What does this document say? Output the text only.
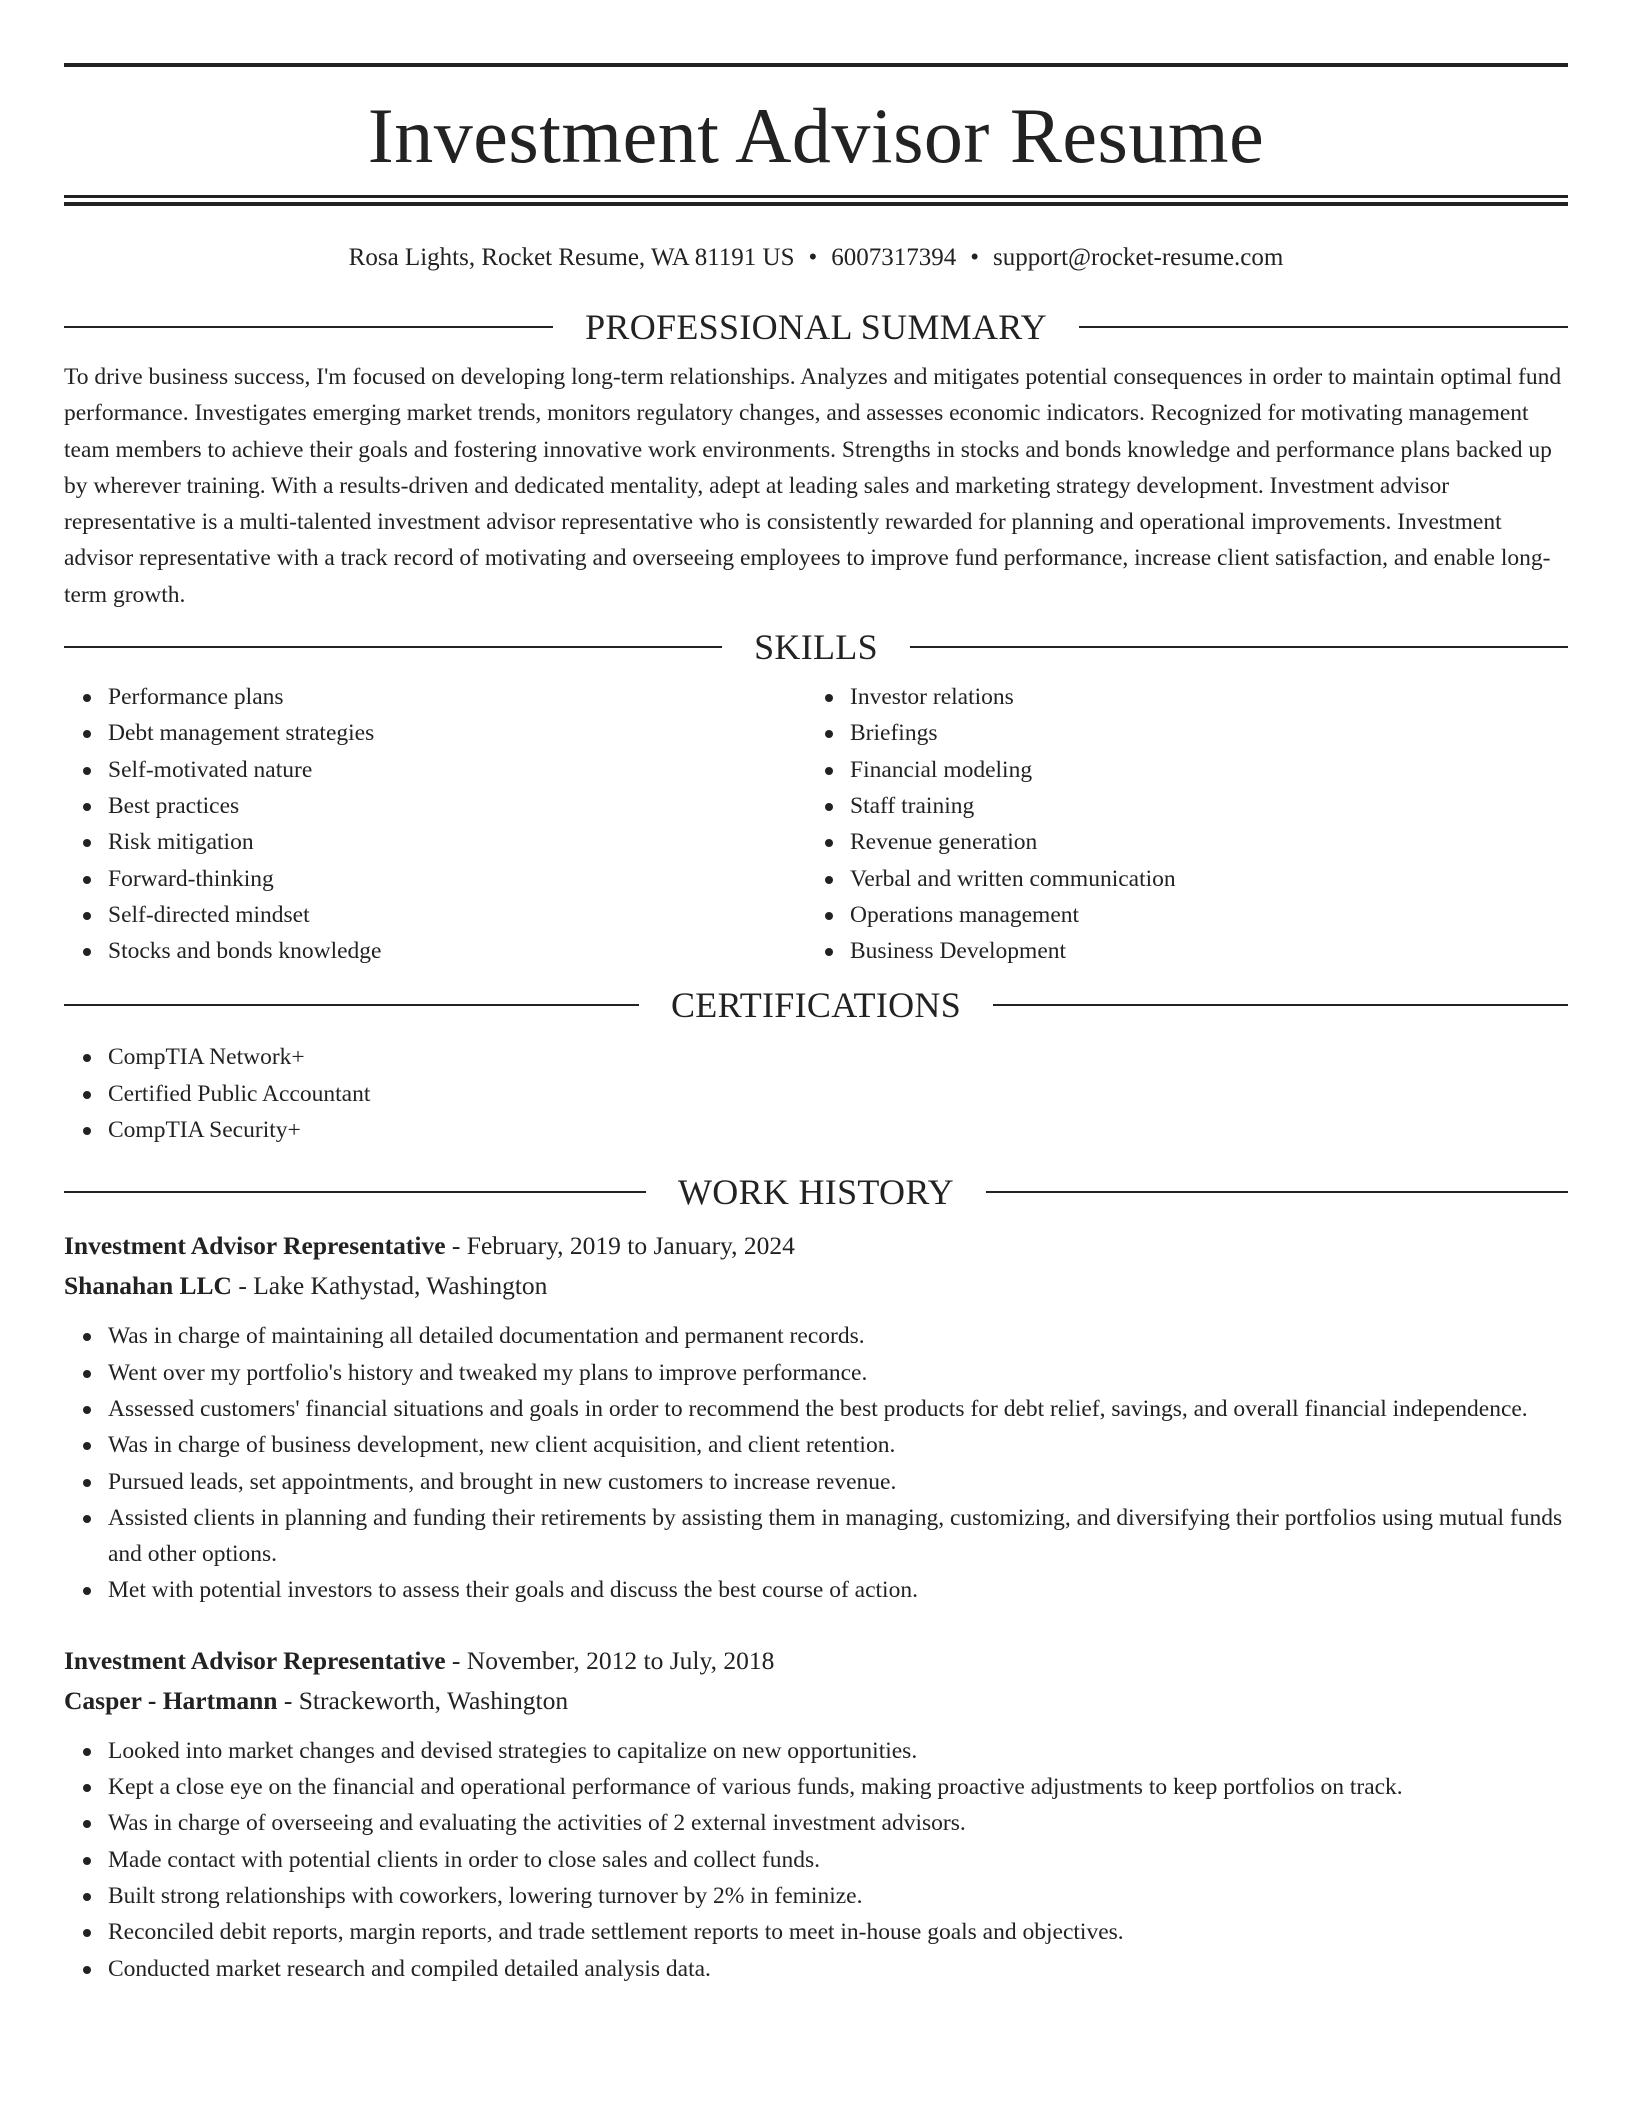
Investment Advisor Resume
Rosa Lights, Rocket Resume, WA 81191 US • 6007317394 • support@rocket-resume.com
PROFESSIONAL SUMMARY

To drive business success, I'm focused on developing long-term relationships. Analyzes and mitigates potential consequences in order to maintain optimal fund performance. Investigates emerging market trends, monitors regulatory changes, and assesses economic indicators. Recognized for motivating management team members to achieve their goals and fostering innovative work environments. Strengths in stocks and bonds knowledge and performance plans backed up by wherever training. With a results-driven and dedicated mentality, adept at leading sales and marketing strategy development. Investment advisor representative is a multi-talented investment advisor representative who is consistently rewarded for planning and operational improvements. Investment advisor representative with a track record of motivating and overseeing employees to improve fund performance, increase client satisfaction, and enable long-term growth.

SKILLS
Performance plans
Debt management strategies
Self-motivated nature
Best practices
Risk mitigation
Forward-thinking
Self-directed mindset
Stocks and bonds knowledge
Investor relations
Briefings
Financial modeling
Staff training
Revenue generation
Verbal and written communication
Operations management
Business Development
CERTIFICATIONS
CompTIA Network+
Certified Public Accountant
CompTIA Security+
WORK HISTORY
Investment Advisor Representative - February, 2019 to January, 2024
Shanahan LLC - Lake Kathystad, Washington
Was in charge of maintaining all detailed documentation and permanent records.
Went over my portfolio's history and tweaked my plans to improve performance.
Assessed customers' financial situations and goals in order to recommend the best products for debt relief, savings, and overall financial independence.
Was in charge of business development, new client acquisition, and client retention.
Pursued leads, set appointments, and brought in new customers to increase revenue.
Assisted clients in planning and funding their retirements by assisting them in managing, customizing, and diversifying their portfolios using mutual funds and other options.
Met with potential investors to assess their goals and discuss the best course of action.
Investment Advisor Representative - November, 2012 to July, 2018
Casper - Hartmann - Strackeworth, Washington
Looked into market changes and devised strategies to capitalize on new opportunities.
Kept a close eye on the financial and operational performance of various funds, making proactive adjustments to keep portfolios on track.
Was in charge of overseeing and evaluating the activities of 2 external investment advisors.
Made contact with potential clients in order to close sales and collect funds.
Built strong relationships with coworkers, lowering turnover by 2% in feminize.
Reconciled debit reports, margin reports, and trade settlement reports to meet in-house goals and objectives.
Conducted market research and compiled detailed analysis data.
